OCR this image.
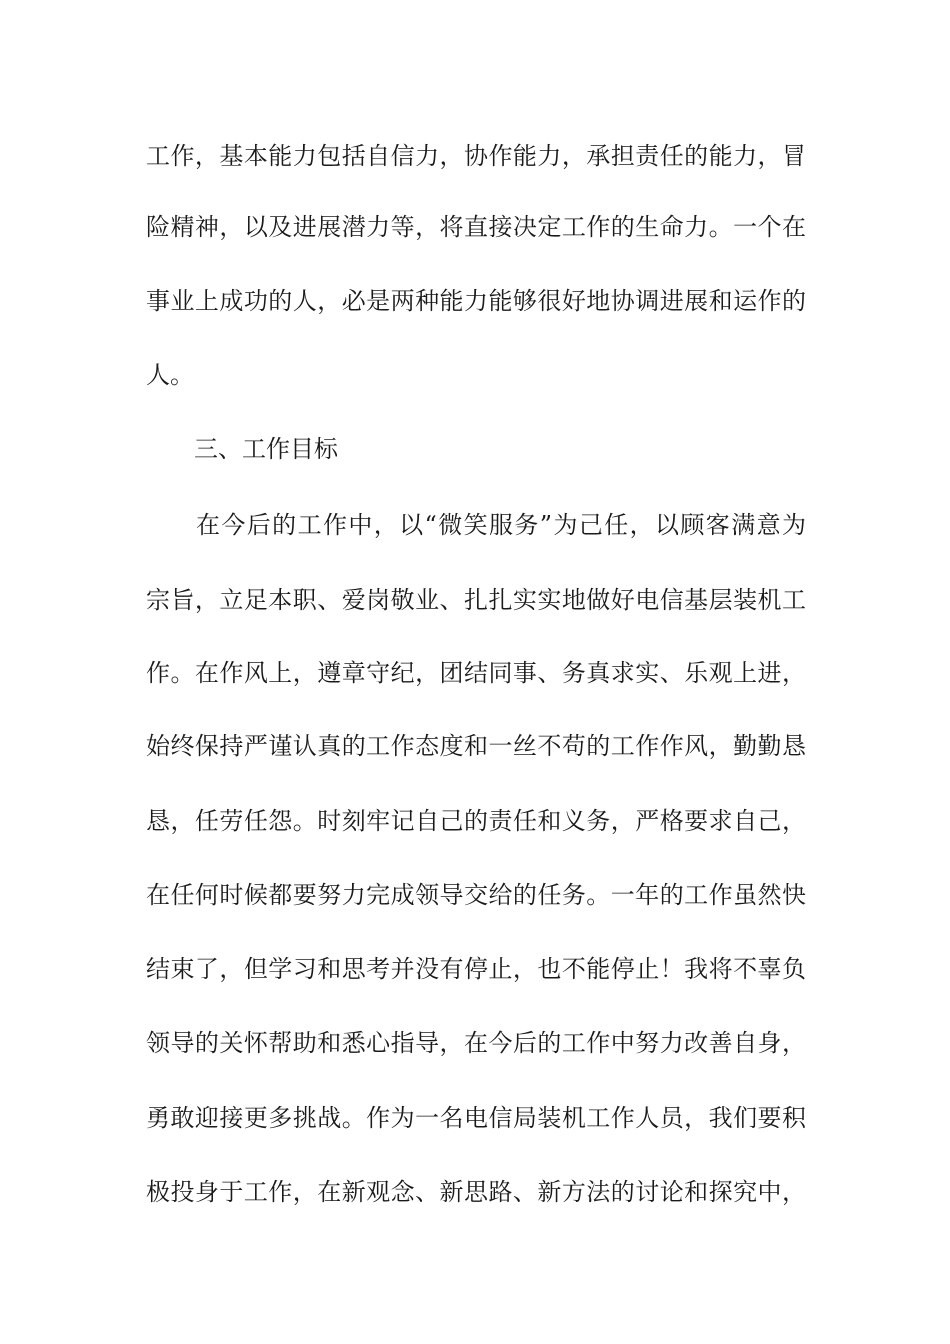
工作，基本能力包括自信力，协作能力，承担责任的能力，冒
险精神，以及进展潜力等，将直接决定工作的生命力。一个在
事业上成功的人，必是两种能力能够很好地协调进展和运作的
人。
三、工作目标
在今后的工作中，以“微笑服务”为己任，以顾客满意为
宗旨，立足本职、爱岗敬业、扎扎实实地做好电信基层装机工
作。在作风上，遵章守纪，团结同事、务真求实、乐观上进，
始终保持严谨认真的工作态度和一丝不苟的工作作风，勤勤恳
恳，任劳任怨。时刻牢记自己的责任和义务，严格要求自己，
在任何时候都要努力完成领导交给的任务。一年的工作虽然快
结束了，但学习和思考并没有停止，也不能停止！我将不辜负
领导的关怀帮助和悉心指导，在今后的工作中努力改善自身，
勇敢迎接更多挑战。作为一名电信局装机工作人员，我们要积
极投身于工作，在新观念、新思路、新方法的讨论和探究中，
